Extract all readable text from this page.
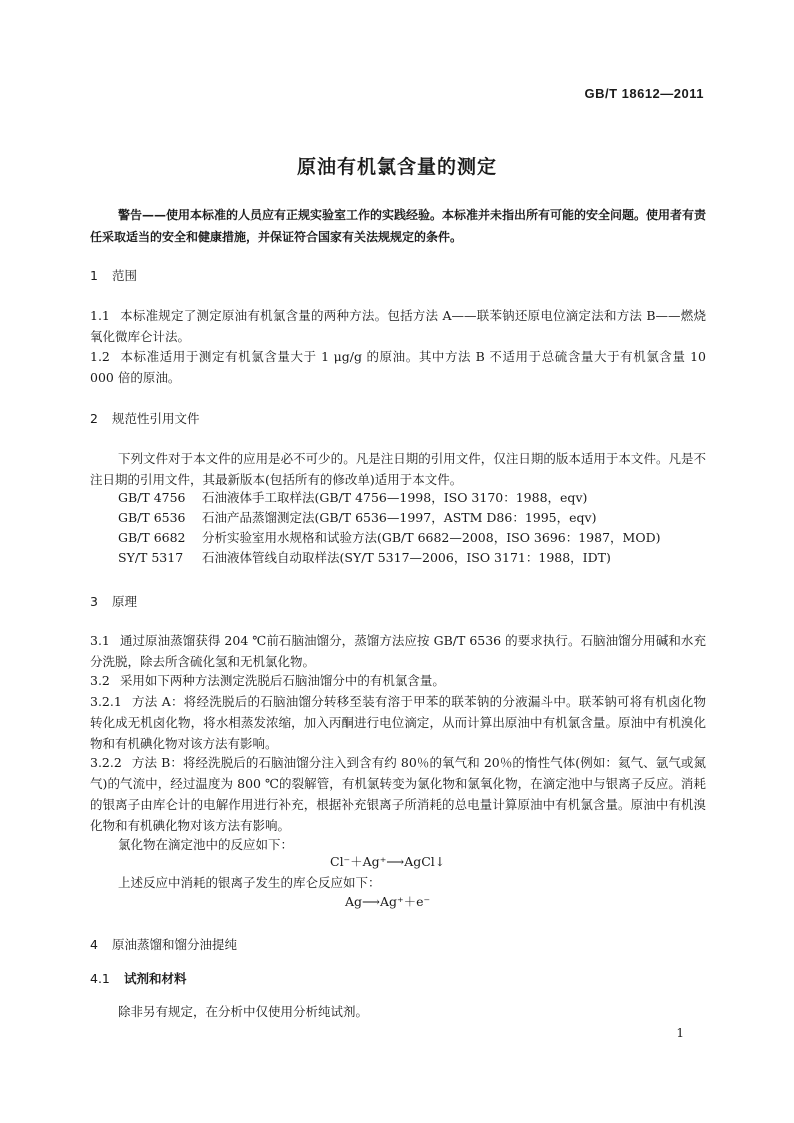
GB/T 18612—2011
原油有机氯含量的测定
警告——使用本标准的人员应有正规实验室工作的实践经验。本标准并未指出所有可能的安全问题。使用者有责任采取适当的安全和健康措施，并保证符合国家有关法规规定的条件。
1 范围
1.1 本标准规定了测定原油有机氯含量的两种方法。包括方法 A——联苯钠还原电位滴定法和方法 B——燃烧氧化微库仑计法。
1.2 本标准适用于测定有机氯含量大于 1 μg/g 的原油。其中方法 B 不适用于总硫含量大于有机氯含量 10 000 倍的原油。
2 规范性引用文件
下列文件对于本文件的应用是必不可少的。凡是注日期的引用文件，仅注日期的版本适用于本文件。凡是不注日期的引用文件，其最新版本(包括所有的修改单)适用于本文件。
GB/T 4756 石油液体手工取样法(GB/T 4756—1998，ISO 3170：1988，eqv)
GB/T 6536 石油产品蒸馏测定法(GB/T 6536—1997，ASTM D86：1995，eqv)
GB/T 6682 分析实验室用水规格和试验方法(GB/T 6682—2008，ISO 3696：1987，MOD)
SY/T 5317 石油液体管线自动取样法(SY/T 5317—2006，ISO 3171：1988，IDT)
3 原理
3.1 通过原油蒸馏获得 204 ℃前石脑油馏分，蒸馏方法应按 GB/T 6536 的要求执行。石脑油馏分用碱和水充分洗脱，除去所含硫化氢和无机氯化物。
3.2 采用如下两种方法测定洗脱后石脑油馏分中的有机氯含量。
3.2.1 方法 A：将经洗脱后的石脑油馏分转移至装有溶于甲苯的联苯钠的分液漏斗中。联苯钠可将有机卤化物转化成无机卤化物，将水相蒸发浓缩，加入丙酮进行电位滴定，从而计算出原油中有机氯含量。原油中有机溴化物和有机碘化物对该方法有影响。
3.2.2 方法 B：将经洗脱后的石脑油馏分注入到含有约 80％的氧气和 20％的惰性气体(例如：氦气、氩气或氮气)的气流中，经过温度为 800 ℃的裂解管，有机氯转变为氯化物和氯氧化物，在滴定池中与银离子反应。消耗的银离子由库仑计的电解作用进行补充，根据补充银离子所消耗的总电量计算原油中有机氯含量。原油中有机溴化物和有机碘化物对该方法有影响。
氯化物在滴定池中的反应如下：
Cl⁻＋Ag⁺⟶AgCl↓
上述反应中消耗的银离子发生的库仑反应如下：
Ag⟶Ag⁺＋e⁻
4 原油蒸馏和馏分油提纯
4.1 试剂和材料
除非另有规定，在分析中仅使用分析纯试剂。
1
